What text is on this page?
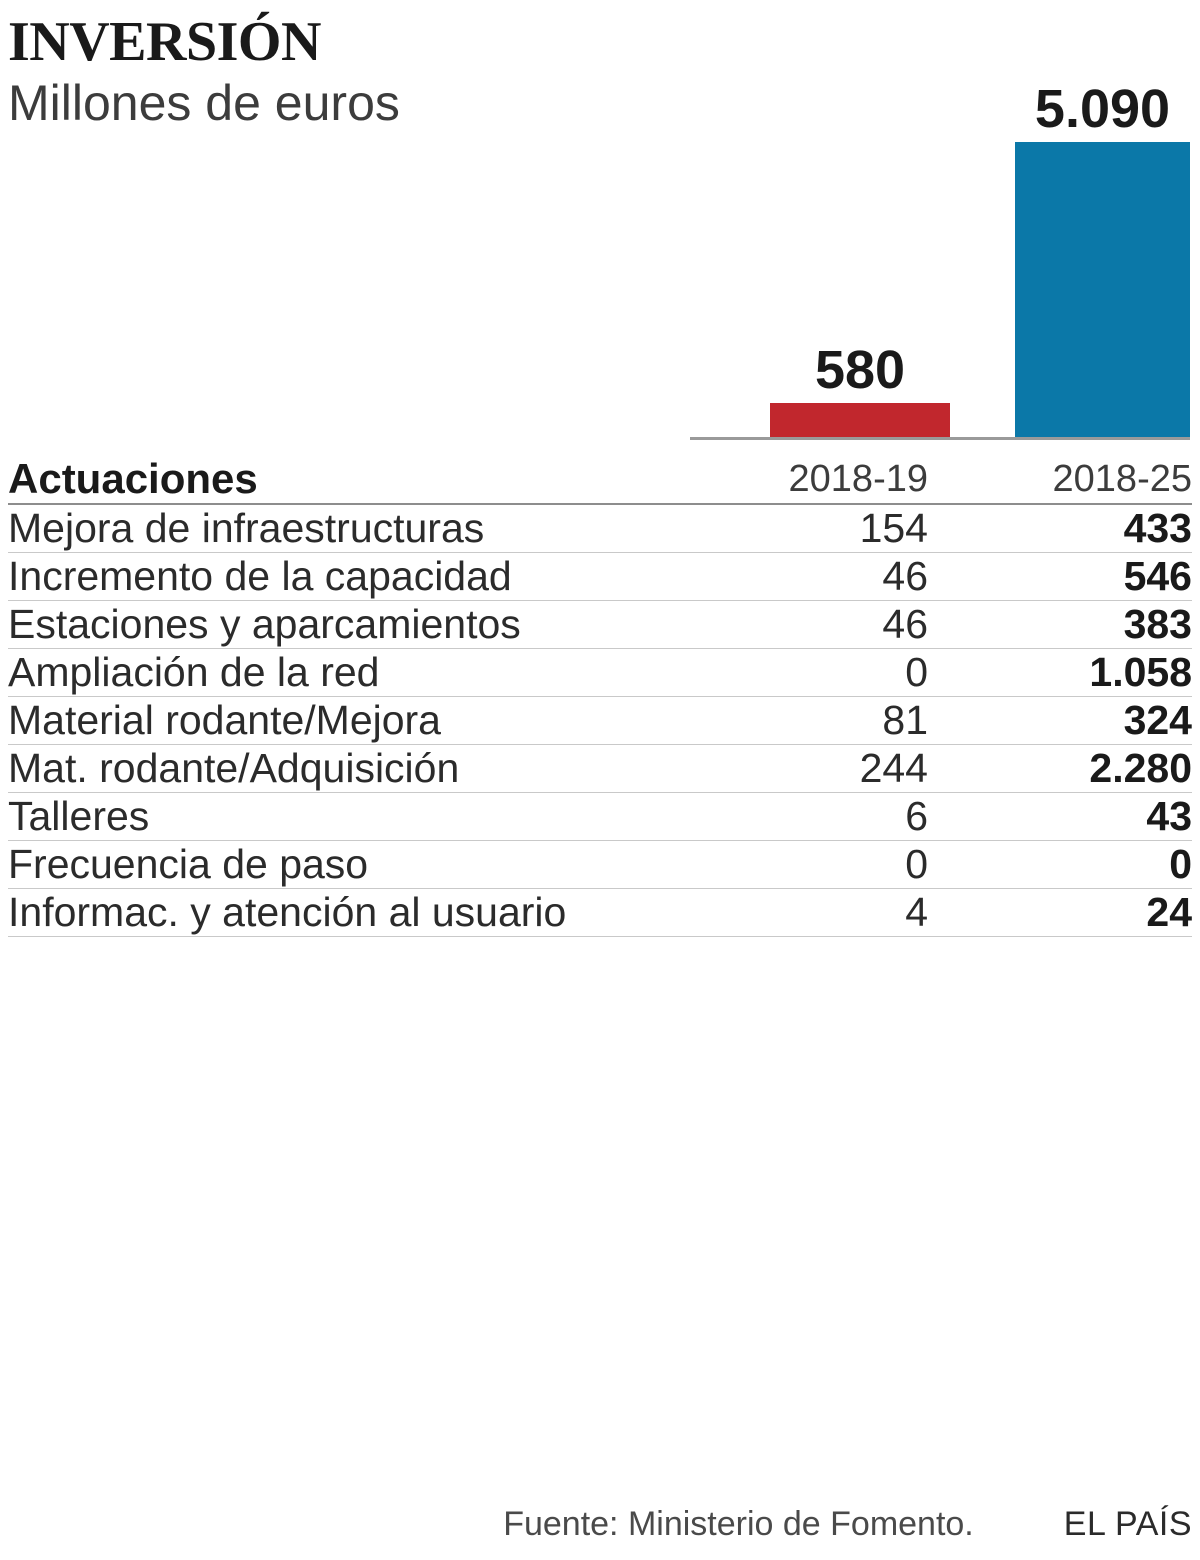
INVERSIÓN

Millones de euros

580
5.090
Actuaciones	2018-19	2018-25
Mejora de infraestructuras	154	433
Incremento de la capacidad	46	546
Estaciones y aparcamientos	46	383
Ampliación de la red	0	1.058
Material rodante/Mejora	81	324
Mat. rodante/Adquisición	244	2.280
Talleres	6	43
Frecuencia de paso	0	0
Informac. y atención al usuario	4	24
Fuente: Ministerio de Fomento.	EL PAÍS
